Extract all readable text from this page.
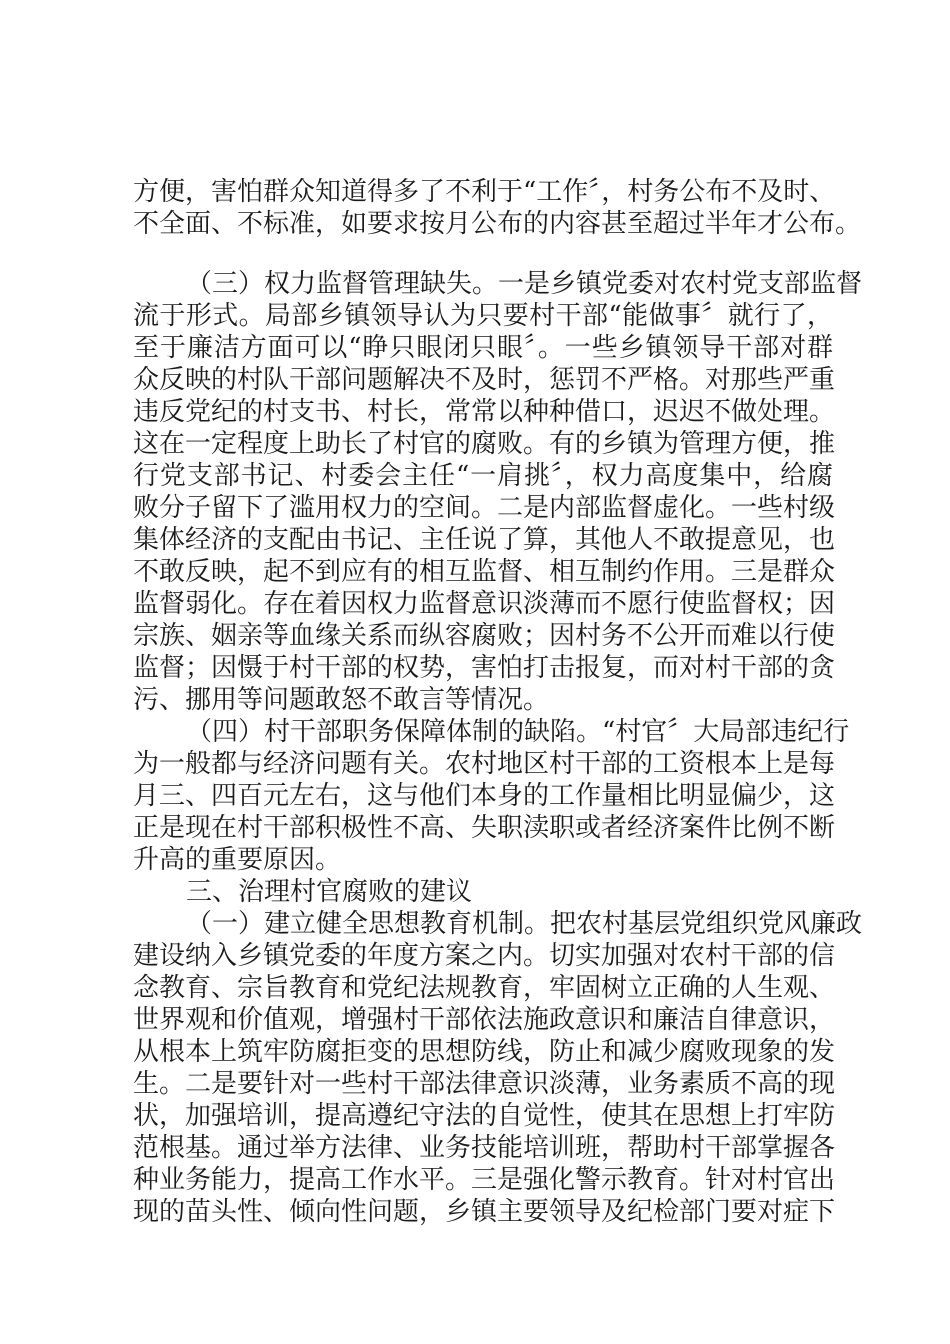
方便，害怕群众知道得多了不利于“工作〞，村务公布不及时、

不全面、不标准，如要求按月公布的内容甚至超过半年才公布。

（三）权力监督管理缺失。一是乡镇党委对农村党支部监督

流于形式。局部乡镇领导认为只要村干部“能做事〞就行了，

至于廉洁方面可以“睁只眼闭只眼〞。一些乡镇领导干部对群

众反映的村队干部问题解决不及时，惩罚不严格。对那些严重

违反党纪的村支书、村长，常常以种种借口，迟迟不做处理。

这在一定程度上助长了村官的腐败。有的乡镇为管理方便，推

行党支部书记、村委会主任“一肩挑〞，权力高度集中，给腐

败分子留下了滥用权力的空间。二是内部监督虚化。一些村级

集体经济的支配由书记、主任说了算，其他人不敢提意见，也

不敢反映，起不到应有的相互监督、相互制约作用。三是群众

监督弱化。存在着因权力监督意识淡薄而不愿行使监督权；因

宗族、姻亲等血缘关系而纵容腐败；因村务不公开而难以行使

监督；因慑于村干部的权势，害怕打击报复，而对村干部的贪

污、挪用等问题敢怒不敢言等情况。

（四）村干部职务保障体制的缺陷。“村官〞大局部违纪行

为一般都与经济问题有关。农村地区村干部的工资根本上是每

月三、四百元左右，这与他们本身的工作量相比明显偏少，这

正是现在村干部积极性不高、失职渎职或者经济案件比例不断

升高的重要原因。

三、治理村官腐败的建议

（一）建立健全思想教育机制。把农村基层党组织党风廉政

建设纳入乡镇党委的年度方案之内。切实加强对农村干部的信

念教育、宗旨教育和党纪法规教育，牢固树立正确的人生观、

世界观和价值观，增强村干部依法施政意识和廉洁自律意识，

从根本上筑牢防腐拒变的思想防线，防止和减少腐败现象的发

生。二是要针对一些村干部法律意识淡薄，业务素质不高的现

状，加强培训，提高遵纪守法的自觉性，使其在思想上打牢防

范根基。通过举方法律、业务技能培训班，帮助村干部掌握各

种业务能力，提高工作水平。三是强化警示教育。针对村官出

现的苗头性、倾向性问题，乡镇主要领导及纪检部门要对症下
